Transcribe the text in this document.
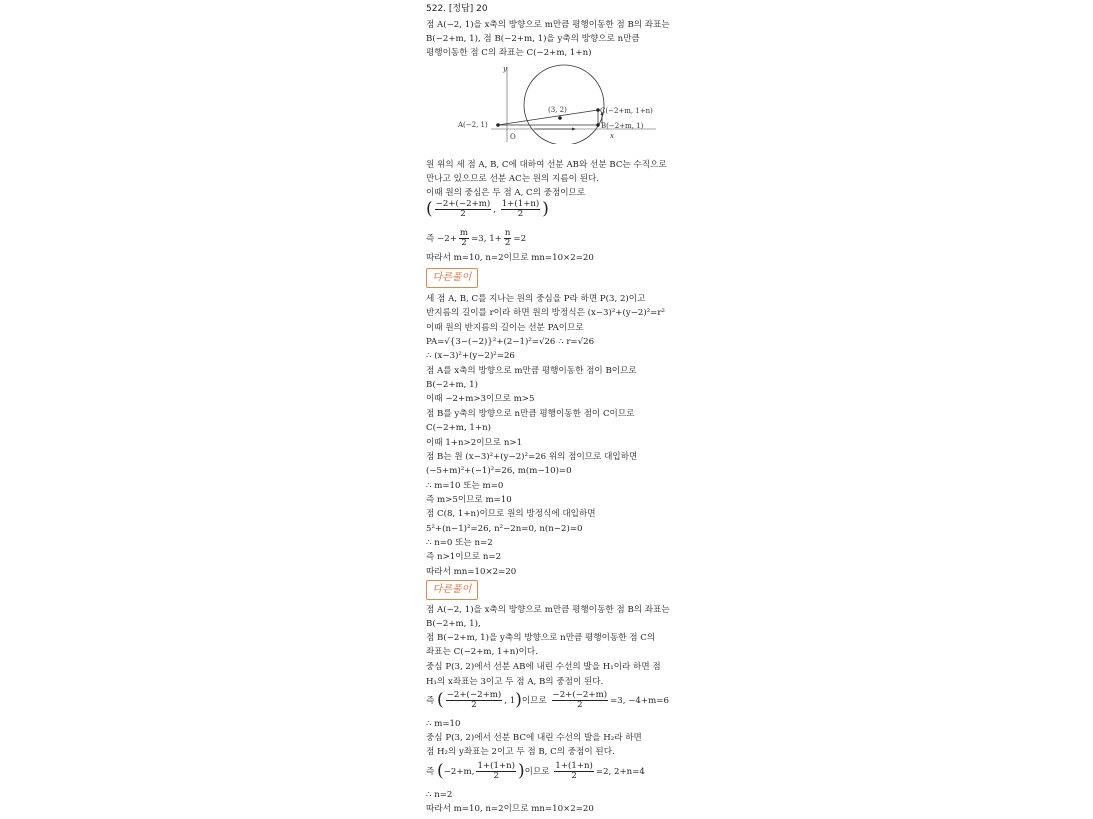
522. [정답] 20
점 A(−2, 1)을 x축의 방향으로 m만큼 평행이동한 점 B의 좌표는
B(−2+m, 1), 점 B(−2+m, 1)을 y축의 방향으로 n만큼
평행이동한 점 C의 좌표는 C(−2+m, 1+n)
y
x
O
A(−2, 1)	B(−2+m, 1)
C(−2+m, 1+n)
(3, 2)
원 위의 세 점 A, B, C에 대하여 선분 AB와 선분 BC는 수직으로
만나고 있으므로 선분 AC는 원의 지름이 된다.
이때 원의 중심은 두 점 A, C의 중점이므로
( $\frac{-2+(-2+m)}{2}$ , $\frac{1+(1+n)}{2}$ )
즉 $-2+ \frac{m}{2} =3$, $1+ \frac{n}{2} =2$
따라서 m=10, n=2이므로 mn=10×2=20
다른풀이
세 점 A, B, C를 지나는 원의 중심을 P라 하면 P(3, 2)이고
반지름의 길이를 r이라 하면 원의 방정식은 (x−3)²+(y−2)²=r²
이때 원의 반지름의 길이는 선분 PA이므로
PA=√{3−(−2)}²+(2−1)²=√26 ∴ r=√26
∴ (x−3)²+(y−2)²=26
점 A를 x축의 방향으로 m만큼 평행이동한 점이 B이므로
B(−2+m, 1)
이때 −2+m>3이므로 m>5
점 B를 y축의 방향으로 n만큼 평행이동한 점이 C이므로
C(−2+m, 1+n)
이때 1+n>2이므로 n>1
점 B는 원 (x−3)²+(y−2)²=26 위의 점이므로 대입하면
(−5+m)²+(−1)²=26, m(m−10)=0
∴ m=10 또는 m=0
즉 m>5이므로 m=10
점 C(8, 1+n)이므로 원의 방정식에 대입하면
5²+(n−1)²=26, n²−2n=0, n(n−2)=0
∴ n=0 또는 n=2
즉 n>1이므로 n=2
따라서 mn=10×2=20
다른풀이
점 A(−2, 1)을 x축의 방향으로 m만큼 평행이동한 점 B의 좌표는
B(−2+m, 1),
점 B(−2+m, 1)을 y축의 방향으로 n만큼 평행이동한 점 C의
좌표는 C(−2+m, 1+n)이다.
중심 P(3, 2)에서 선분 AB에 내린 수선의 발을 H₁이라 하면 점
H₁의 x좌표는 3이고 두 점 A, B의 중점이 된다.
즉 ( $\frac{-2+(-2+m)}{2}$ , 1)이므로 $\frac{-2+(-2+m)}{2} =3$, −4+m=6
∴ m=10
중심 P(3, 2)에서 선분 BC에 내린 수선의 발을 H₂라 하면
점 H₂의 y좌표는 2이고 두 점 B, C의 중점이 된다.
즉 (−2+m, $\frac{1+(1+n)}{2}$ )이므로 $\frac{1+(1+n)}{2} =2$, 2+n=4
∴ n=2
따라서 m=10, n=2이므로 mn=10×2=20
